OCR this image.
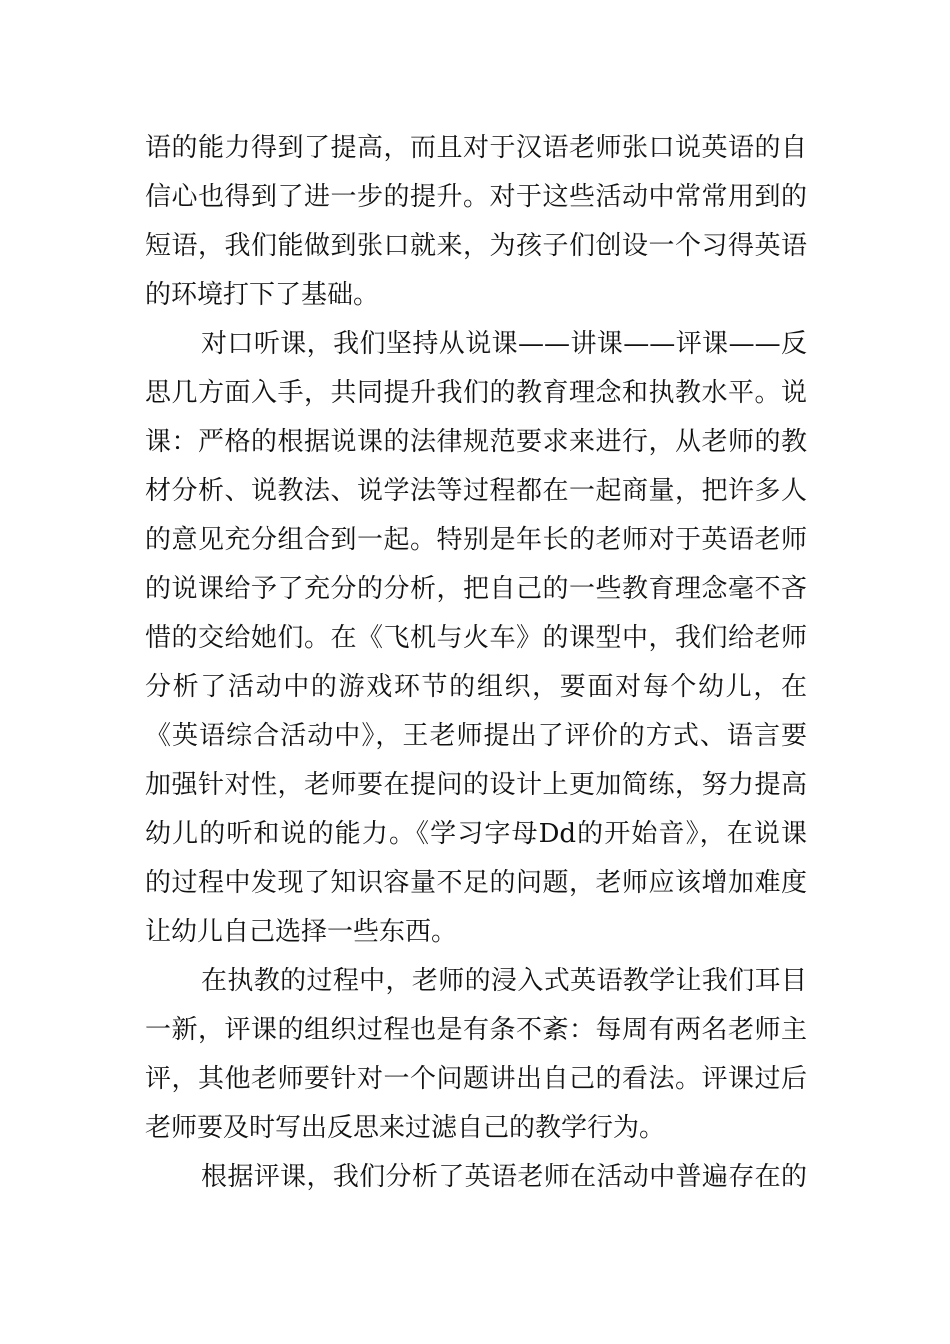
语的能力得到了提高，而且对于汉语老师张口说英语的自
信心也得到了进一步的提升。对于这些活动中常常用到的
短语，我们能做到张口就来，为孩子们创设一个习得英语
的环境打下了基础。

对口听课，我们坚持从说课——讲课——评课——反
思几方面入手，共同提升我们的教育理念和执教水平。说
课：严格的根据说课的法律规范要求来进行，从老师的教
材分析、说教法、说学法等过程都在一起商量，把许多人
的意见充分组合到一起。特别是年长的老师对于英语老师
的说课给予了充分的分析，把自己的一些教育理念毫不吝
惜的交给她们。在《飞机与火车》的课型中，我们给老师
分析了活动中的游戏环节的组织，要面对每个幼儿，在
《英语综合活动中》，王老师提出了评价的方式、语言要
加强针对性，老师要在提问的设计上更加简练，努力提高
幼儿的听和说的能力。《学习字母Dd的开始音》，在说课
的过程中发现了知识容量不足的问题，老师应该增加难度
让幼儿自己选择一些东西。

在执教的过程中，老师的浸入式英语教学让我们耳目
一新，评课的组织过程也是有条不紊：每周有两名老师主
评，其他老师要针对一个问题讲出自己的看法。评课过后
老师要及时写出反思来过滤自己的教学行为。

根据评课，我们分析了英语老师在活动中普遍存在的
